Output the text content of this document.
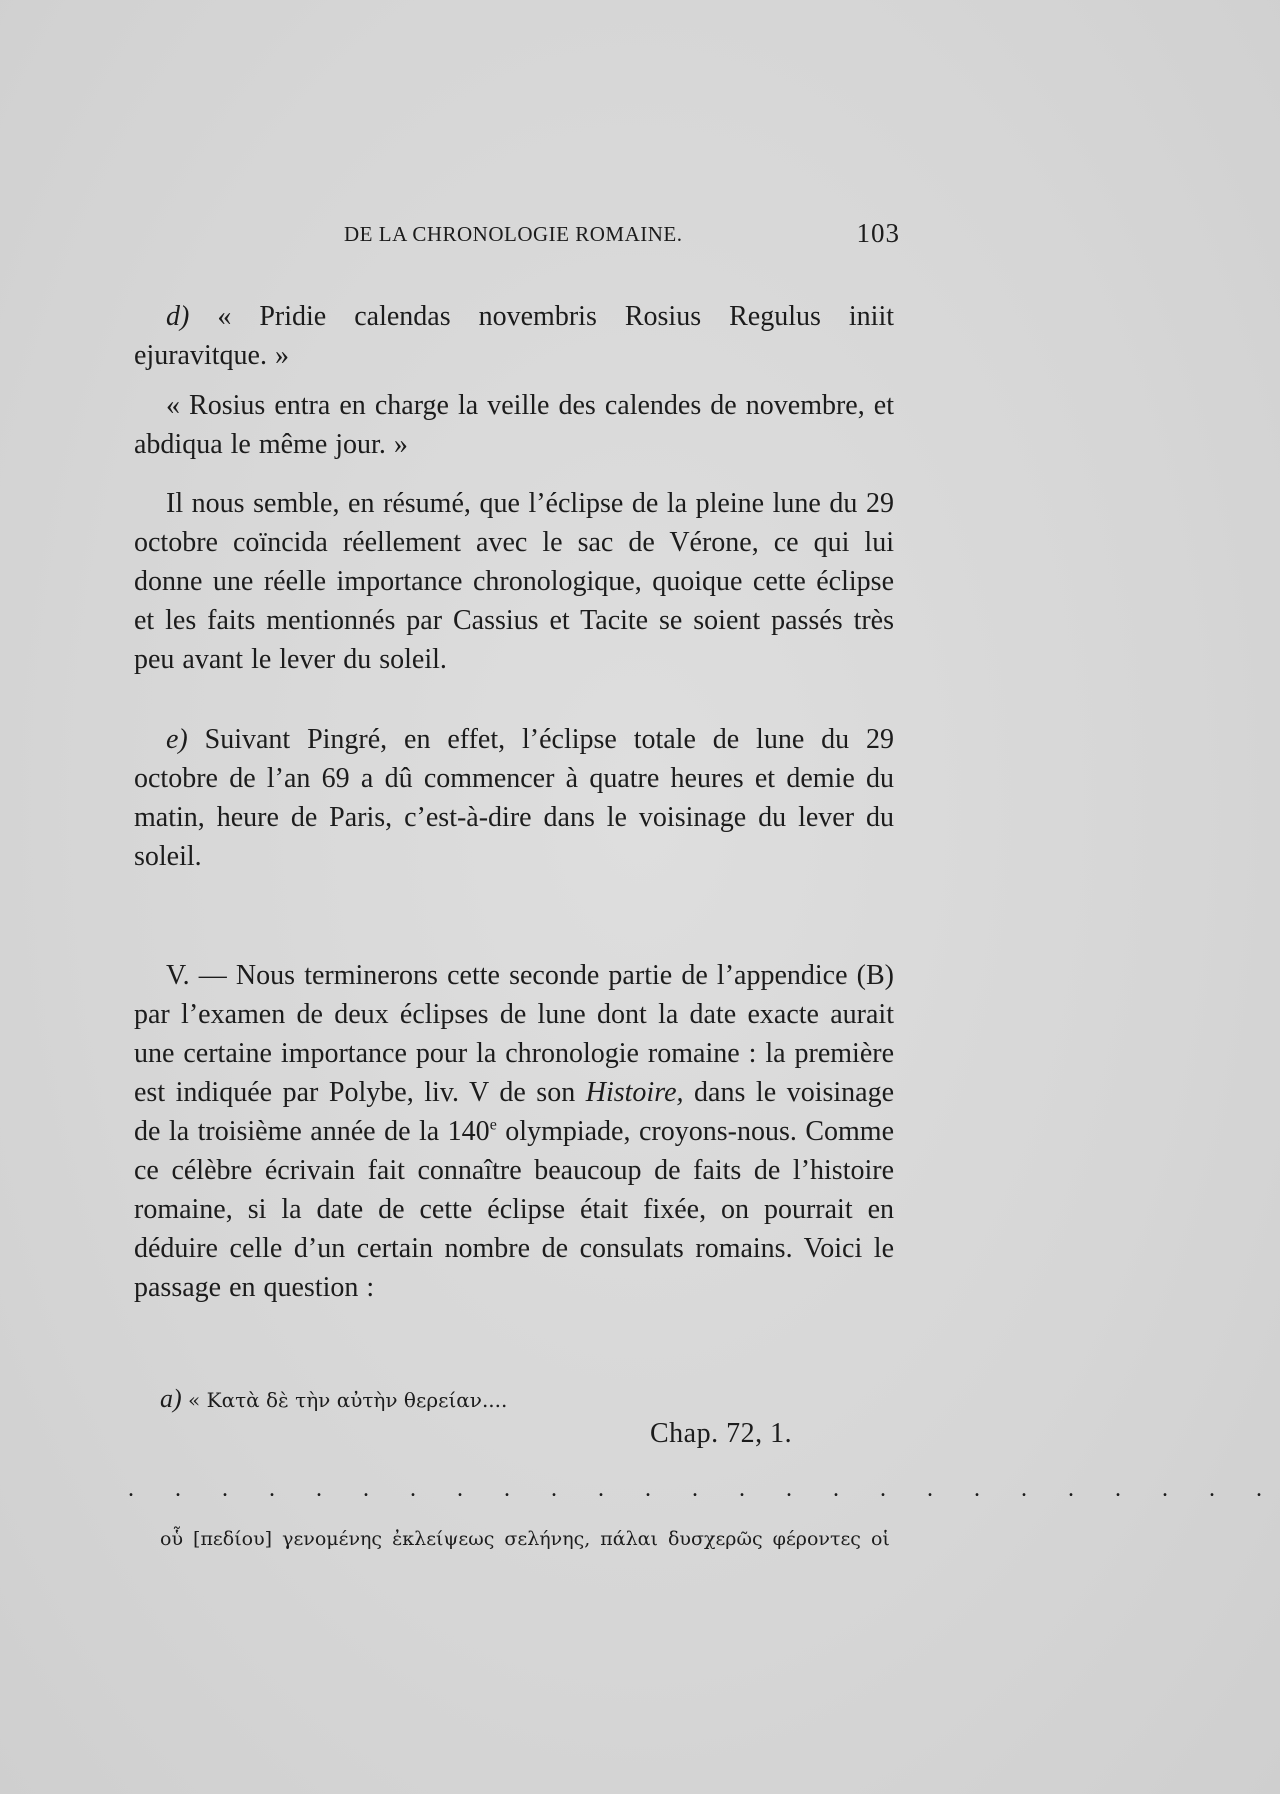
DE LA CHRONOLOGIE ROMAINE.	103

d) « Pridie calendas novembris Rosius Regulus iniit ejuravitque. »

« Rosius entra en charge la veille des calendes de novembre, et abdiqua le même jour. »

Il nous semble, en résumé, que l’éclipse de la pleine lune du 29 octobre coïncida réellement avec le sac de Vérone, ce qui lui donne une réelle importance chronologique, quoique cette éclipse et les faits mentionnés par Cassius et Tacite se soient passés très peu avant le lever du soleil.

e) Suivant Pingré, en effet, l’éclipse totale de lune du 29 octobre de l’an 69 a dû commencer à quatre heures et demie du matin, heure de Paris, c’est-à-dire dans le voisinage du lever du soleil.

V. — Nous terminerons cette seconde partie de l’appendice (B) par l’examen de deux éclipses de lune dont la date exacte aurait une certaine importance pour la chronologie romaine : la première est indiquée par Polybe, liv. V de son Histoire, dans le voisinage de la troisième année de la 140e olympiade, croyons-nous. Comme ce célèbre écrivain fait connaître beaucoup de faits de l’histoire romaine, si la date de cette éclipse était fixée, on pourrait en déduire celle d’un certain nombre de consulats romains. Voici le passage en question :

a) « Κατὰ δὲ τὴν αὐτὴν θερείαν....
Chap. 72, 1.
. . . . . . . . . . . . . . . . . . . . . . . . .
οὗ [πεδίου] γενομένης ἐκλείψεως σελήνης, πάλαι δυσχερῶς φέροντες οἱ
